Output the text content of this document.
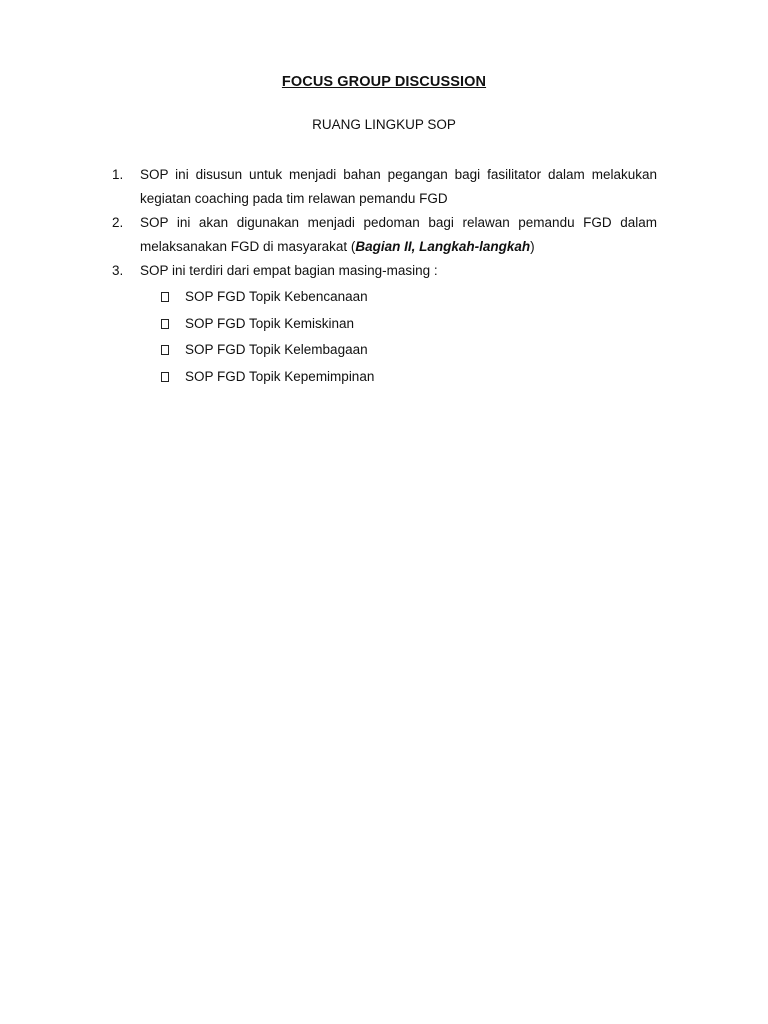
FOCUS GROUP DISCUSSION
RUANG LINGKUP SOP
1. SOP ini disusun untuk menjadi bahan pegangan bagi fasilitator dalam melakukan kegiatan coaching pada tim relawan pemandu FGD
2. SOP ini akan digunakan menjadi pedoman bagi relawan pemandu FGD dalam melaksanakan FGD di masyarakat (Bagian II, Langkah-langkah)
3. SOP ini terdiri dari empat bagian masing-masing :
SOP FGD Topik Kebencanaan
SOP FGD Topik Kemiskinan
SOP FGD Topik Kelembagaan
SOP FGD Topik Kepemimpinan
